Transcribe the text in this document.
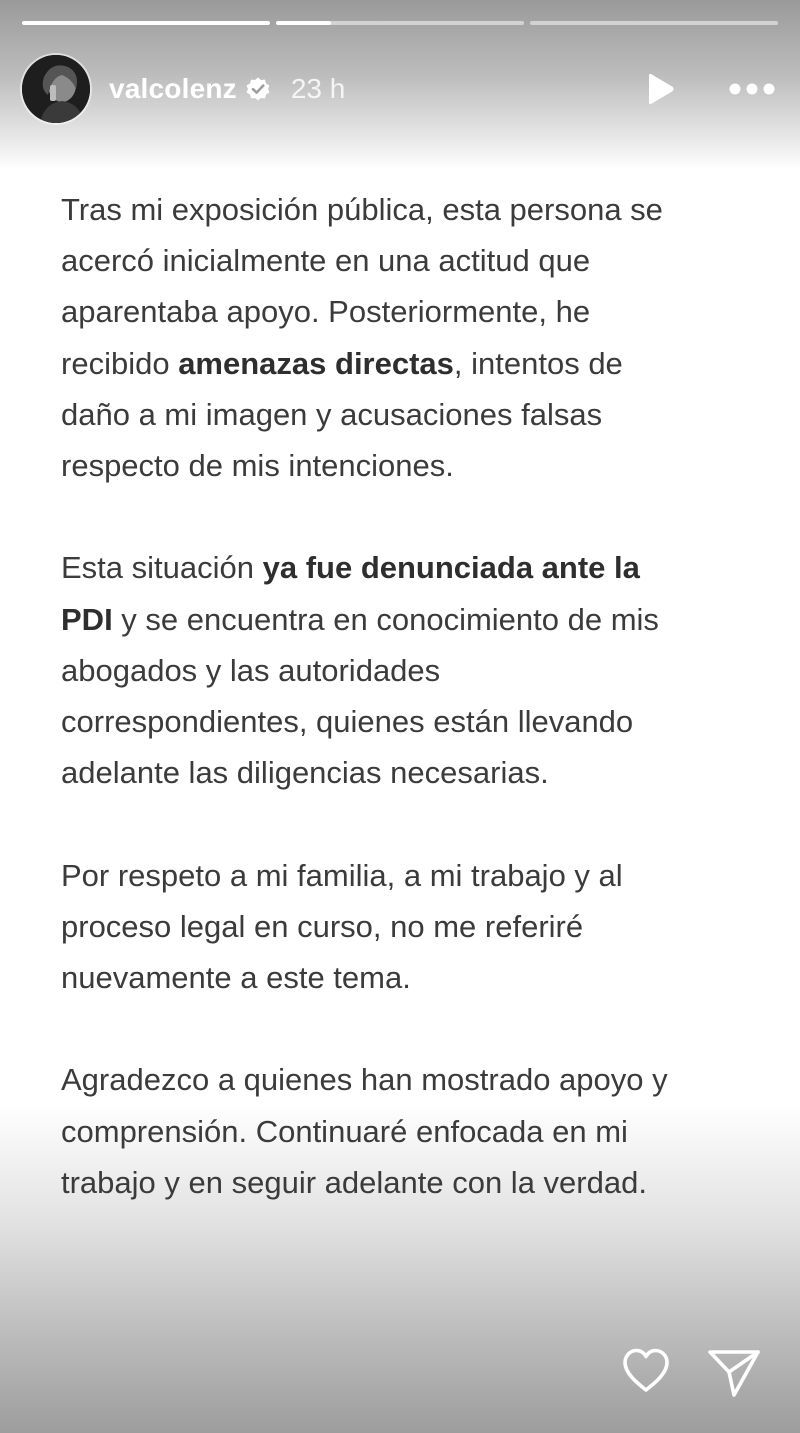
valcolenz 23 h

Tras mi exposición pública, esta persona se
acercó inicialmente en una actitud que
aparentaba apoyo. Posteriormente, he
recibido amenazas directas, intentos de
daño a mi imagen y acusaciones falsas
respecto de mis intenciones.

Esta situación ya fue denunciada ante la
PDI y se encuentra en conocimiento de mis
abogados y las autoridades
correspondientes, quienes están llevando
adelante las diligencias necesarias.

Por respeto a mi familia, a mi trabajo y al
proceso legal en curso, no me referiré
nuevamente a este tema.

Agradezco a quienes han mostrado apoyo y
comprensión. Continuaré enfocada en mi
trabajo y en seguir adelante con la verdad.
